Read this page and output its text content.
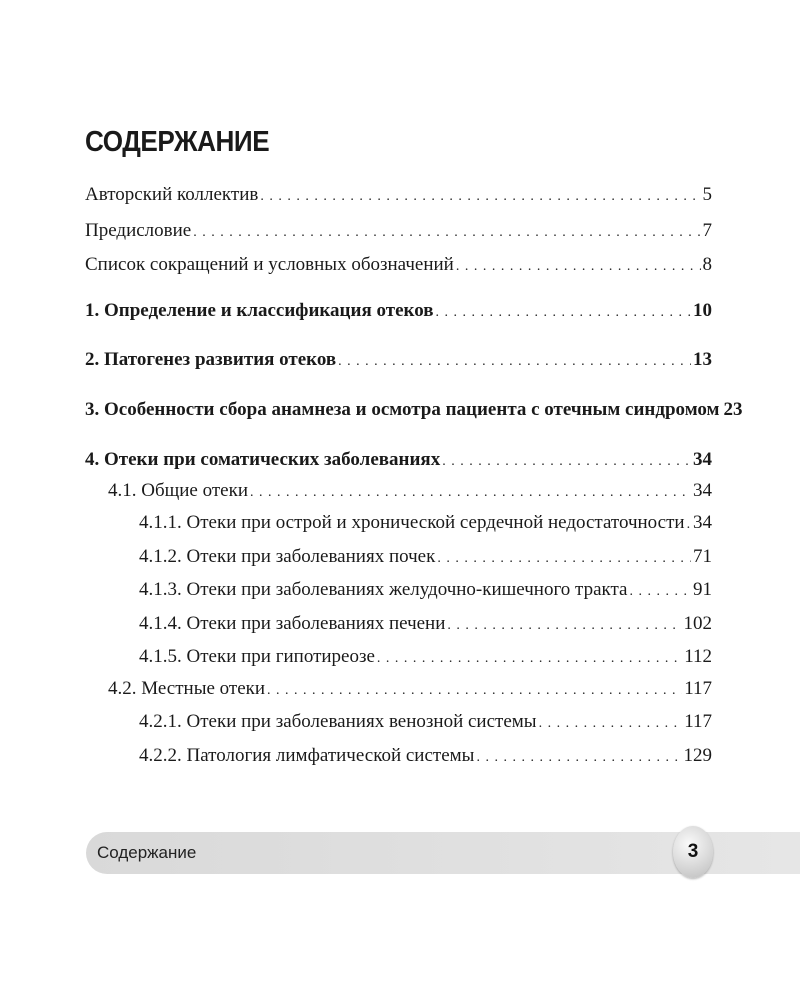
СОДЕРЖАНИЕ
Авторский коллектив . . .	5
Предисловие . . .	7
Список сокращений и условных обозначений . . .	8
1. Определение и классификация отеков . . .	10
2. Патогенез развития отеков . . .	13
3. Особенности сбора анамнеза и осмотра пациента с отечным синдромом 23
4. Отеки при соматических заболеваниях . . .	34
4.1. Общие отеки . . .	34
4.1.1. Отеки при острой и хронической сердечной недостаточности . . . 34
4.1.2. Отеки при заболеваниях почек . . .	71
4.1.3. Отеки при заболеваниях желудочно-кишечного тракта . . .	91
4.1.4. Отеки при заболеваниях печени . . .	102
4.1.5. Отеки при гипотиреозе . . .	112
4.2. Местные отеки . . .	117
4.2.1. Отеки при заболеваниях венозной системы . . .	117
4.2.2. Патология лимфатической системы . . .	129
Содержание	3
